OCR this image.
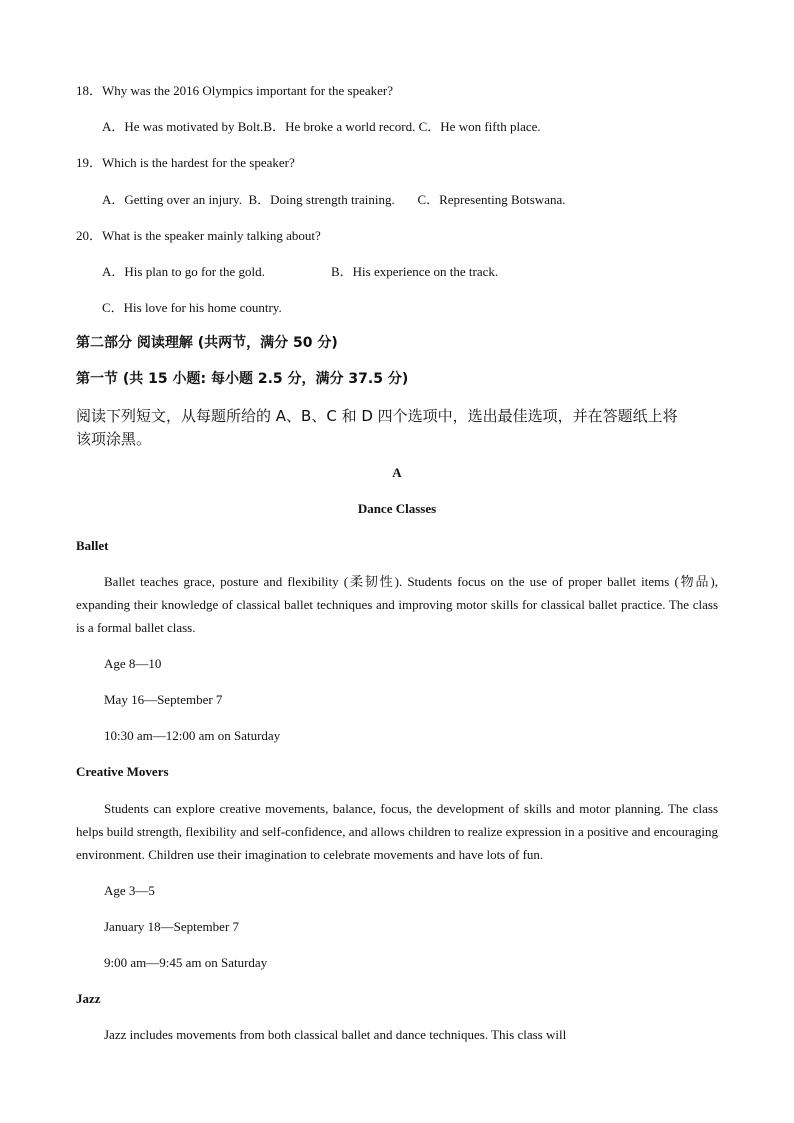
18．Why was the 2016 Olympics important for the speaker?
A．He was motivated by Bolt.B．He broke a world record. C．He won fifth place.
19．Which is the hardest for the speaker?
A．Getting over an injury.  B．Doing strength training.       C．Representing Botswana.
20．What is the speaker mainly talking about?
A．His plan to go for the gold.	B．His experience on the track.
C．His love for his home country.
第二部分 阅读理解 (共两节，满分 50 分)
第一节 (共 15 小题: 每小题 2.5 分，满分 37.5 分)
阅读下列短文，从每题所给的 A、B、C 和 D 四个选项中，选出最佳选项，并在答题纸上将
该项涂黑。
A
Dance Classes
Ballet

Ballet teaches grace, posture and flexibility (柔韧性). Students focus on the use of proper ballet items (物品), expanding their knowledge of classical ballet techniques and improving motor skills for classical ballet practice. The class is a formal ballet class.

Age 8—10
May 16—September 7
10:30 am—12:00 am on Saturday
Creative Movers

Students can explore creative movements, balance, focus, the development of skills and motor planning. The class helps build strength, flexibility and self-confidence, and allows children to realize expression in a positive and encouraging environment. Children use their imagination to celebrate movements and have lots of fun.

Age 3—5
January 18—September 7
9:00 am—9:45 am on Saturday
Jazz
Jazz includes movements from both classical ballet and dance techniques. This class will
